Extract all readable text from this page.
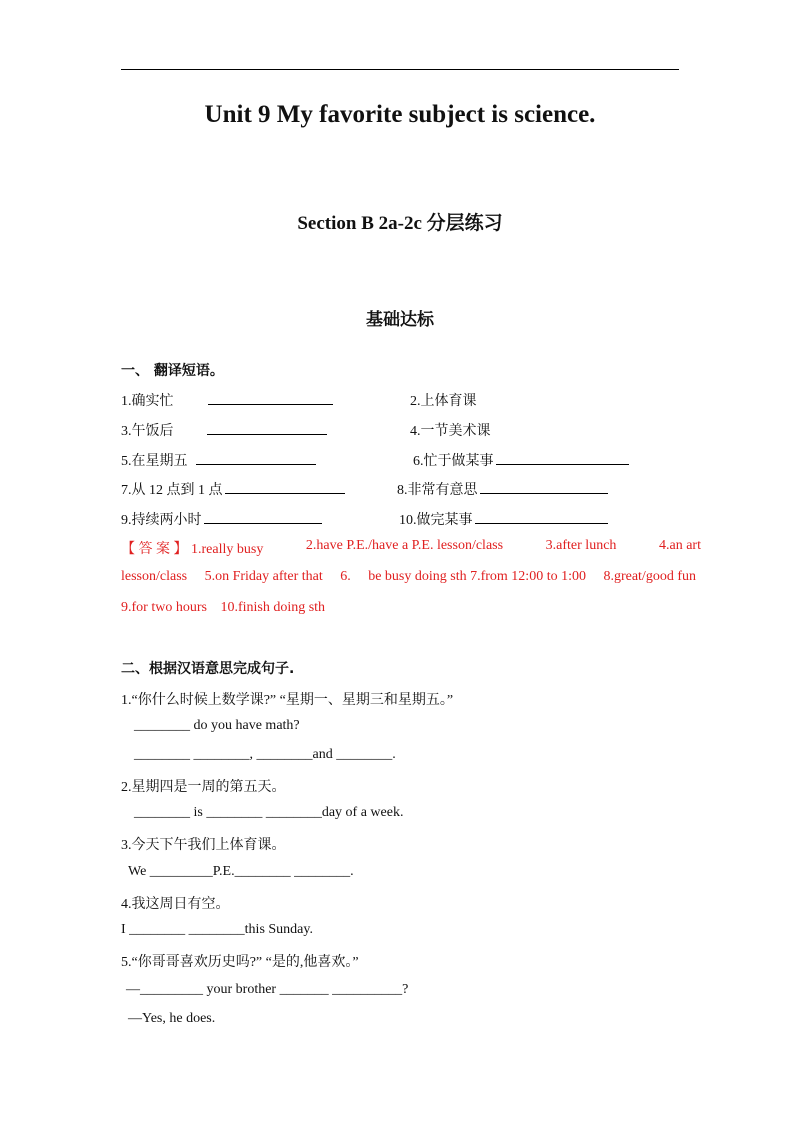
Unit 9 My favorite subject is science.
Section B 2a-2c 分层练习
基础达标
一、 翻译短语。
1.确实忙	2.上体育课
3.午饭后	4.一节美术课
5.在星期五	6.忙于做某事
7.从 12 点到 1 点	8.非常有意思
9.持续两小时	10.做完某事
【 答 案 】 1.really busy	2.have P.E./have a P.E. lesson/class	3.after lunch	4.an art
lesson/class 5.on Friday after that 6. be busy doing sth 7.from 12:00 to 1:00 8.great/good fun
9.for two hours 10.finish doing sth
二、根据汉语意思完成句子.
1.“你什么时候上数学课?” “星期一、星期三和星期五。”
________ do you have math?
________ ________, ________and ________.
2.星期四是一周的第五天。
________ is ________ ________day of a week.
3.今天下午我们上体育课。
We _________P.E.________ ________.
4.我这周日有空。
I ________ ________this Sunday.
5.“你哥哥喜欢历史吗?” “是的,他喜欢。”
—_________ your brother _______ __________?
—Yes, he does.
